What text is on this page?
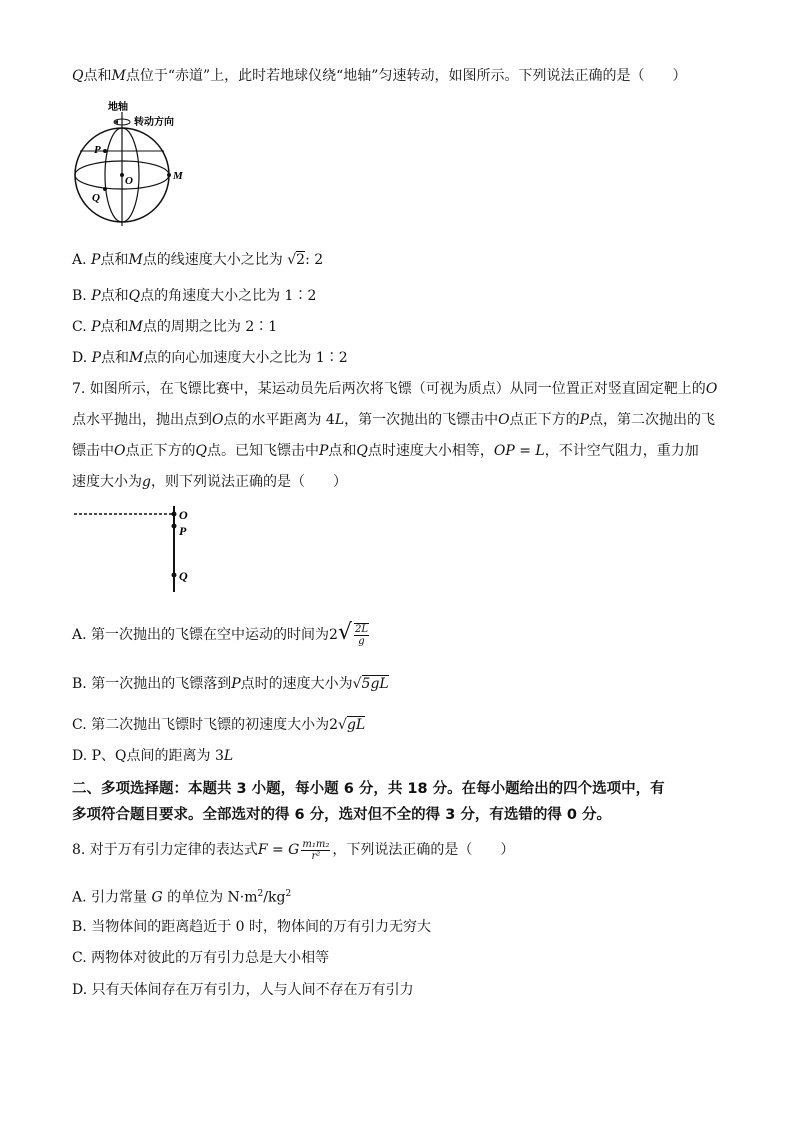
Q点和M点位于“赤道”上，此时若地球仪绕“地轴”匀速转动，如图所示。下列说法正确的是（　　）
地轴
转动方向
P
O	M
Q
A. P点和M点的线速度大小之比为 √2: 2
B. P点和Q点的角速度大小之比为 1∶2
C. P点和M点的周期之比为 2∶1
D. P点和M点的向心加速度大小之比为 1∶2
7. 如图所示，在飞镖比赛中，某运动员先后两次将飞镖（可视为质点）从同一位置正对竖直固定靶上的O
点水平抛出，抛出点到O点的水平距离为 4L，第一次抛出的飞镖击中O点正下方的P点，第二次抛出的飞
镖击中O点正下方的Q点。已知飞镖击中P点和Q点时速度大小相等，OP = L，不计空气阻力，重力加
速度大小为g，则下列说法正确的是（　　）
O
P
Q
A. 第一次抛出的飞镖在空中运动的时间为$2√ \frac{2L}{g}$
B. 第一次抛出的飞镖落到P点时的速度大小为√5gL
C. 第二次抛出飞镖时飞镖的初速度大小为2√gL
D. P、Q点间的距离为 3L
二、多项选择题：本题共 3 小题，每小题 6 分，共 18 分。在每小题给出的四个选项中，有
多项符合题目要求。全部选对的得 6 分，选对但不全的得 3 分，有选错的得 0 分。
8. 对于万有引力定律的表达式F = G $\frac{\text{m₁m₂}}{\text{r²}}$ ，下列说法正确的是（　　）
A. 引力常量 G 的单位为 $N\cdot m^2/kg^2$
B. 当物体间的距离趋近于 0 时，物体间的万有引力无穷大
C. 两物体对彼此的万有引力总是大小相等
D. 只有天体间存在万有引力，人与人间不存在万有引力
